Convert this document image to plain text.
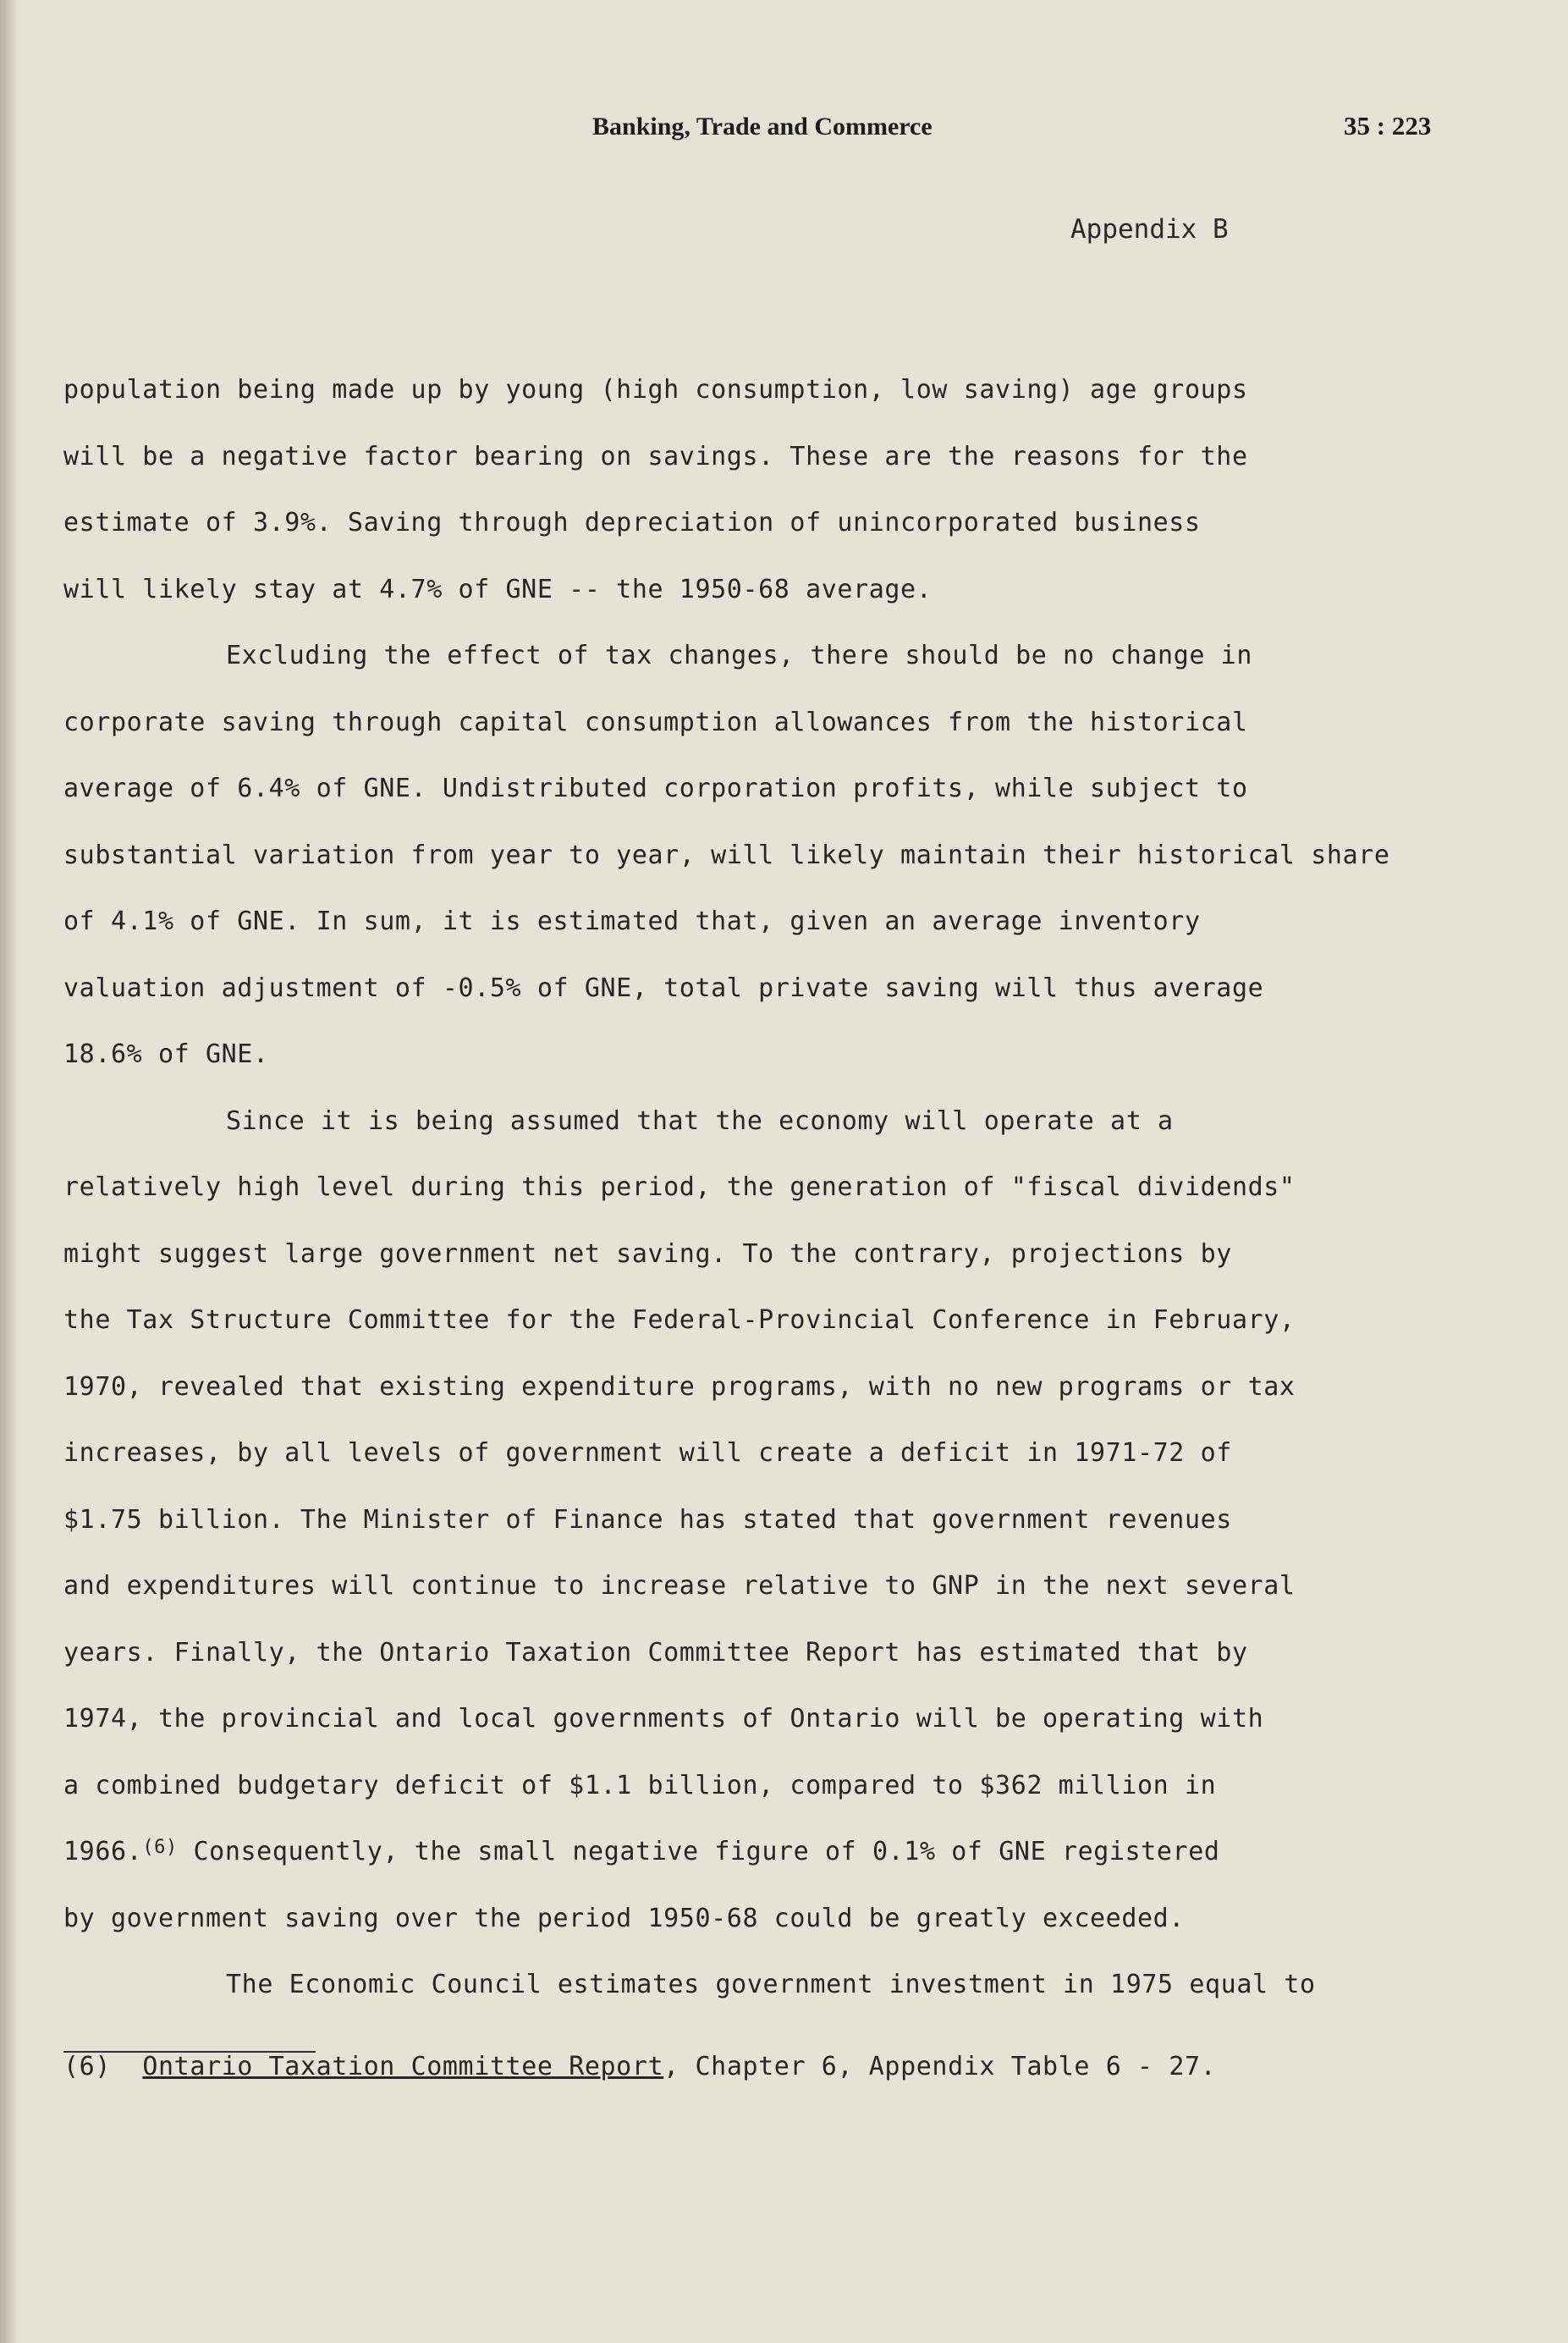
Banking, Trade and Commerce	35 : 223
Appendix B
population being made up by young (high consumption, low saving) age groups
will be a negative factor bearing on savings. These are the reasons for the
estimate of 3.9%. Saving through depreciation of unincorporated business
will likely stay at 4.7% of GNE -- the 1950-68 average.
Excluding the effect of tax changes, there should be no change in
corporate saving through capital consumption allowances from the historical
average of 6.4% of GNE. Undistributed corporation profits, while subject to
substantial variation from year to year, will likely maintain their historical share
of 4.1% of GNE. In sum, it is estimated that, given an average inventory
valuation adjustment of -0.5% of GNE, total private saving will thus average
18.6% of GNE.
Since it is being assumed that the economy will operate at a
relatively high level during this period, the generation of "fiscal dividends"
might suggest large government net saving. To the contrary, projections by
the Tax Structure Committee for the Federal-Provincial Conference in February,
1970, revealed that existing expenditure programs, with no new programs or tax
increases, by all levels of government will create a deficit in 1971-72 of
$1.75 billion. The Minister of Finance has stated that government revenues
and expenditures will continue to increase relative to GNP in the next several
years. Finally, the Ontario Taxation Committee Report has estimated that by
1974, the provincial and local governments of Ontario will be operating with
a combined budgetary deficit of $1.1 billion, compared to $362 million in
1966.$^{(6)}$ Consequently, the small negative figure of 0.1% of GNE registered
by government saving over the period 1950-68 could be greatly exceeded.
The Economic Council estimates government investment in 1975 equal to
(6) Ontario Taxation Committee Report, Chapter 6, Appendix Table 6 - 27.
